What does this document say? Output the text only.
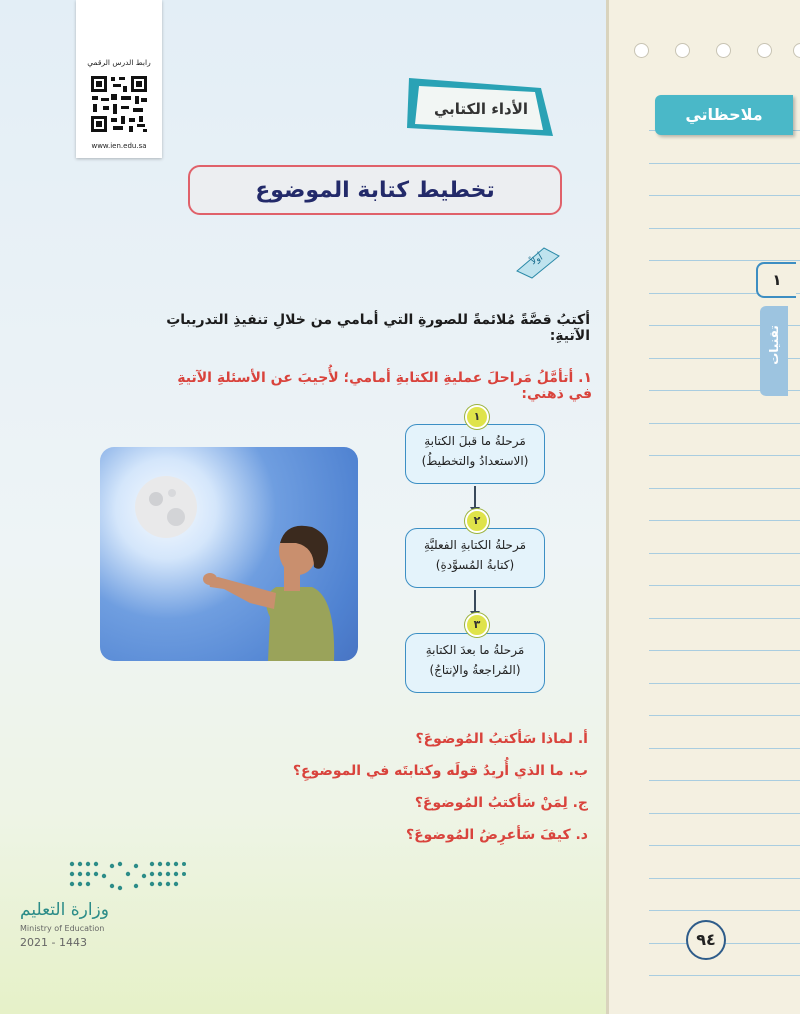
رابط الدرس الرقمي
www.ien.edu.sa
الأداء الكتابي
تخطيط كتابة الموضوع
أولاً
أكتبُ قصَّةً مُلائمةً للصورةِ التي أمامي من خلالِ تنفيذِ التدريباتِ الآتيةِ:
١. أتأمَّلُ مَراحلَ عمليةِ الكتابةِ أمامي؛ لأُجيبَ عن الأسئلةِ الآتيةِ في ذهني:
مَرحلةُ ما قبلَ الكتابةِ
(الاستعدادُ والتخطيطُ)
١
مَرحلةُ الكتابةِ الفعليَّةِ
(كتابةُ المُسوَّدةِ)
٢
مَرحلةُ ما بعدَ الكتابةِ
(المُراجعةُ والإنتاجُ)
٣
أ. لماذا سَأكتبُ المُوضوعَ؟
ب. ما الذي أُريدُ قولَه وكتابتَه في الموضوعِ؟
ج. لِمَنْ سَأكتبُ المُوضوعَ؟
د. كيفَ سَأعرِضُ المُوضوعَ؟
وزارة التعليم
Ministry of Education
2021 - 1443
ملاحظاتي
١
تقنيات
٩٤
